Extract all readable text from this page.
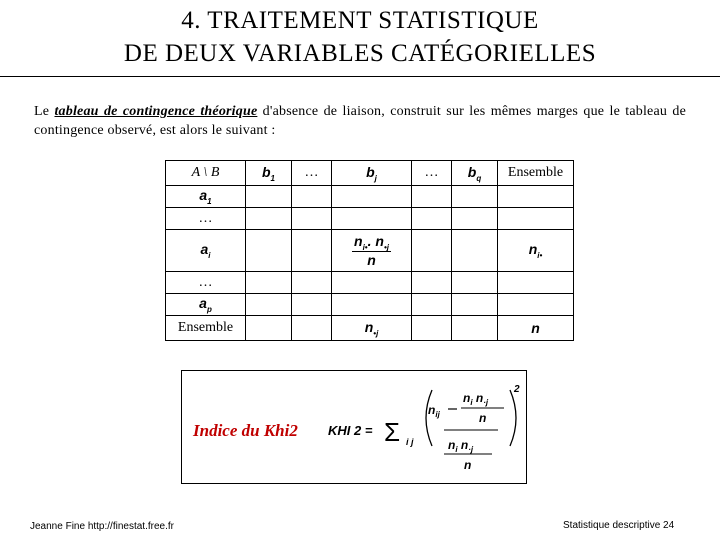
4. TRAITEMENT STATISTIQUE
DE DEUX VARIABLES CATÉGORIELLES
Le tableau de contingence théorique d'absence de liaison, construit sur les mêmes marges que le tableau de contingence observé, est alors le suivant :
A \ B	$b_1$	…	$b_j$	…	$b_q$	Ensemble
$a_1$						
…						
$a_i$			$\frac{n_{i•}. n_{•j}}{n}$			$n_{i•}$
…						
$a_p$						
Ensemble			$n_{•j}$			n
Indice du Khi2 KHI 2 = Σ i j
2
$n_{ij}$
$n_i$ $n_{\cdot j}$
n
$n_i$ $n_{\cdot j}$
n
Jeanne Fine http://finestat.free.fr	Statistique descriptive 24
